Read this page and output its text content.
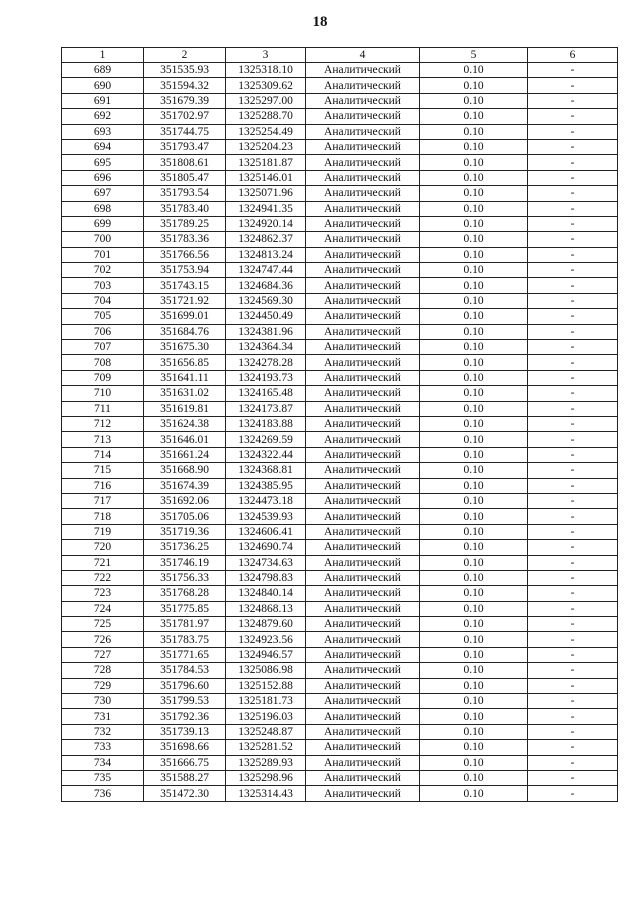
18
1	2	3	4	5	6
689	351535.93	1325318.10	Аналитический	0.10	-
690	351594.32	1325309.62	Аналитический	0.10	-
691	351679.39	1325297.00	Аналитический	0.10	-
692	351702.97	1325288.70	Аналитический	0.10	-
693	351744.75	1325254.49	Аналитический	0.10	-
694	351793.47	1325204.23	Аналитический	0.10	-
695	351808.61	1325181.87	Аналитический	0.10	-
696	351805.47	1325146.01	Аналитический	0.10	-
697	351793.54	1325071.96	Аналитический	0.10	-
698	351783.40	1324941.35	Аналитический	0.10	-
699	351789.25	1324920.14	Аналитический	0.10	-
700	351783.36	1324862.37	Аналитический	0.10	-
701	351766.56	1324813.24	Аналитический	0.10	-
702	351753.94	1324747.44	Аналитический	0.10	-
703	351743.15	1324684.36	Аналитический	0.10	-
704	351721.92	1324569.30	Аналитический	0.10	-
705	351699.01	1324450.49	Аналитический	0.10	-
706	351684.76	1324381.96	Аналитический	0.10	-
707	351675.30	1324364.34	Аналитический	0.10	-
708	351656.85	1324278.28	Аналитический	0.10	-
709	351641.11	1324193.73	Аналитический	0.10	-
710	351631.02	1324165.48	Аналитический	0.10	-
711	351619.81	1324173.87	Аналитический	0.10	-
712	351624.38	1324183.88	Аналитический	0.10	-
713	351646.01	1324269.59	Аналитический	0.10	-
714	351661.24	1324322.44	Аналитический	0.10	-
715	351668.90	1324368.81	Аналитический	0.10	-
716	351674.39	1324385.95	Аналитический	0.10	-
717	351692.06	1324473.18	Аналитический	0.10	-
718	351705.06	1324539.93	Аналитический	0.10	-
719	351719.36	1324606.41	Аналитический	0.10	-
720	351736.25	1324690.74	Аналитический	0.10	-
721	351746.19	1324734.63	Аналитический	0.10	-
722	351756.33	1324798.83	Аналитический	0.10	-
723	351768.28	1324840.14	Аналитический	0.10	-
724	351775.85	1324868.13	Аналитический	0.10	-
725	351781.97	1324879.60	Аналитический	0.10	-
726	351783.75	1324923.56	Аналитический	0.10	-
727	351771.65	1324946.57	Аналитический	0.10	-
728	351784.53	1325086.98	Аналитический	0.10	-
729	351796.60	1325152.88	Аналитический	0.10	-
730	351799.53	1325181.73	Аналитический	0.10	-
731	351792.36	1325196.03	Аналитический	0.10	-
732	351739.13	1325248.87	Аналитический	0.10	-
733	351698.66	1325281.52	Аналитический	0.10	-
734	351666.75	1325289.93	Аналитический	0.10	-
735	351588.27	1325298.96	Аналитический	0.10	-
736	351472.30	1325314.43	Аналитический	0.10	-
